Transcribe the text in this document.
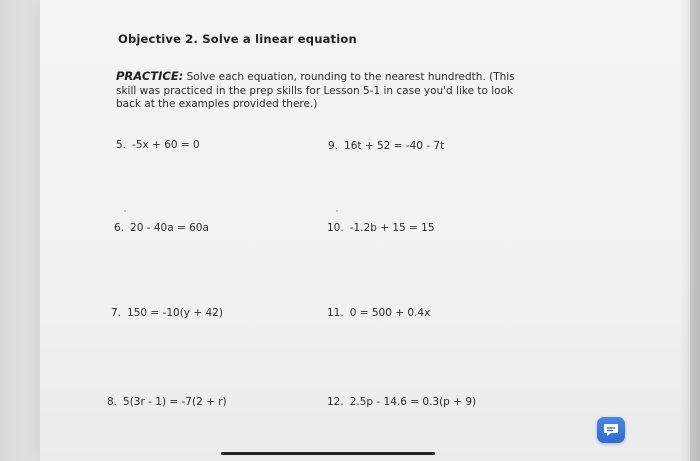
Objective 2. Solve a linear equation
PRACTICE: Solve each equation, rounding to the nearest hundredth. (This skill was practiced in the prep skills for Lesson 5-1 in case you'd like to look back at the examples provided there.)
5. -5x + 60 = 0
6. 20 - 40a = 60a
7. 150 = -10(y + 42)
8. 5(3r - 1) = -7(2 + r)
9. 16t + 52 = -40 - 7t
10. -1.2b + 15 = 15
11. 0 = 500 + 0.4x
12. 2.5p - 14.6 = 0.3(p + 9)
